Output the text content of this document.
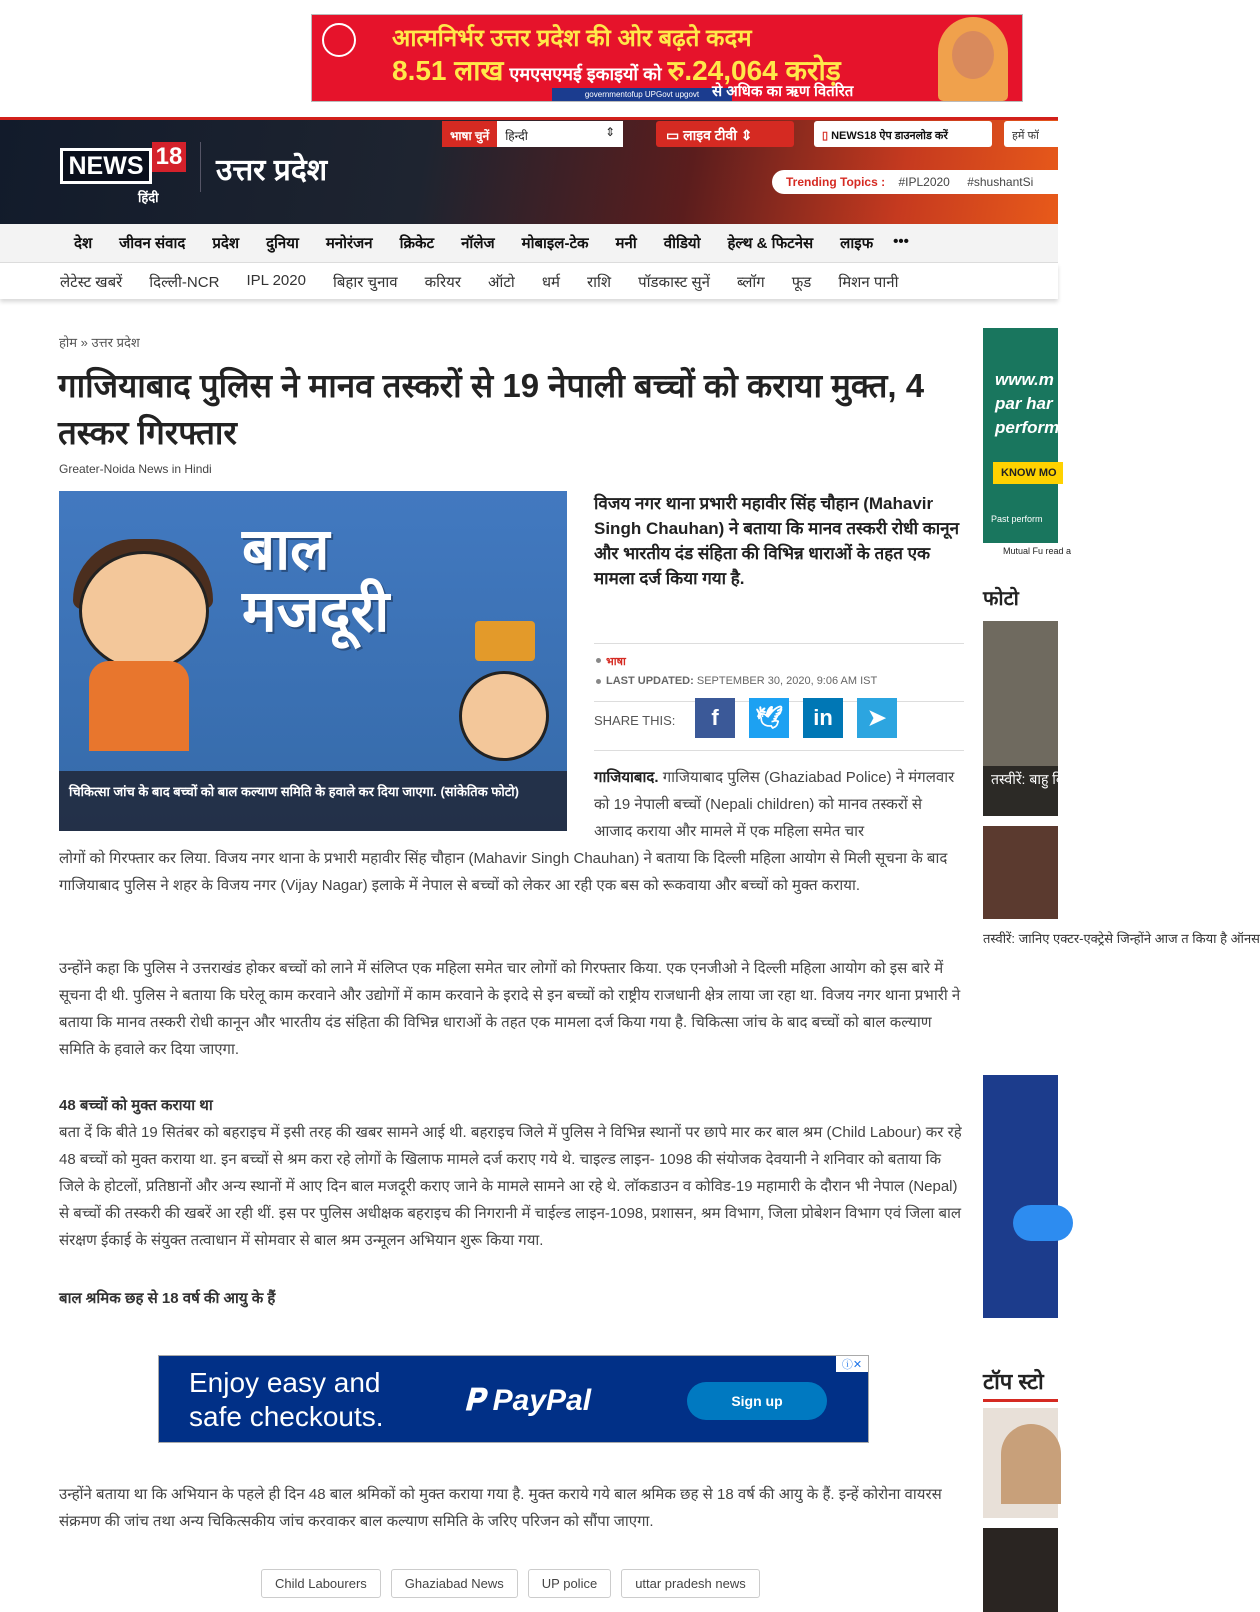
आत्मनिर्भर उत्तर प्रदेश की ओर बढ़ते कदम
8.51 लाख एमएसएमई इकाइयों को रु.24,064 करोड़
governmentofup UPGovt upgovt से अधिक का ऋण वितरित
NEWS 18
हिंदी
उत्तर प्रदेश
भाषा चुनें	हिन्दी	⇕	▭ लाइव टीवी ⇕	▯ NEWS18 ऐप डाउनलोड करें	हमें फॉ
Trending Topics : #IPL2020 #shushantSi
देश जीवन संवाद प्रदेश दुनिया मनोरंजन क्रिकेट नॉलेज मोबाइल-टेक मनी वीडियो हेल्थ & फिटनेस लाइफ •••
लेटेस्ट खबरें दिल्ली-NCR IPL 2020 बिहार चुनाव करियर ऑटो धर्म राशि पॉडकास्ट सुनें ब्लॉग फूड मिशन पानी
होम » उत्तर प्रदेश
गाजियाबाद पुलिस ने मानव तस्करों से 19 नेपाली बच्चों को कराया मुक्त, 4 तस्कर गिरफ्तार
Greater-Noida News in Hindi
बाल मजदूरी
चिकित्सा जांच के बाद बच्चों को बाल कल्याण समिति के हवाले कर दिया जाएगा. (सांकेतिक फोटो)
विजय नगर थाना प्रभारी महावीर सिंह चौहान (Mahavir Singh Chauhan) ने बताया कि मानव तस्करी रोधी कानून और भारतीय दंड संहिता की विभिन्न धाराओं के तहत एक मामला दर्ज किया गया है.
भाषा
LAST UPDATED: SEPTEMBER 30, 2020, 9:06 AM IST
SHARE THIS:	f	🕊	in	➤
गाजियाबाद. गाजियाबाद पुलिस (Ghaziabad Police) ने मंगलवार को 19 नेपाली बच्चों (Nepali children) को मानव तस्करों से आजाद कराया और मामले में एक महिला समेत चार
लोगों को गिरफ्तार कर लिया. विजय नगर थाना के प्रभारी महावीर सिंह चौहान (Mahavir Singh Chauhan) ने बताया कि दिल्ली महिला आयोग से मिली सूचना के बाद गाजियाबाद पुलिस ने शहर के विजय नगर (Vijay Nagar) इलाके में नेपाल से बच्चों को लेकर आ रही एक बस को रूकवाया और बच्चों को मुक्त कराया.
उन्होंने कहा कि पुलिस ने उत्तराखंड होकर बच्चों को लाने में संलिप्त एक महिला समेत चार लोगों को गिरफ्तार किया. एक एनजीओ ने दिल्ली महिला आयोग को इस बारे में सूचना दी थी. पुलिस ने बताया कि घरेलू काम करवाने और उद्योगों में काम करवाने के इरादे से इन बच्चों को राष्ट्रीय राजधानी क्षेत्र लाया जा रहा था. विजय नगर थाना प्रभारी ने बताया कि मानव तस्करी रोधी कानून और भारतीय दंड संहिता की विभिन्न धाराओं के तहत एक मामला दर्ज किया गया है. चिकित्सा जांच के बाद बच्चों को बाल कल्याण समिति के हवाले कर दिया जाएगा.
48 बच्चों को मुक्त कराया था
बता दें कि बीते 19 सितंबर को बहराइच में इसी तरह की खबर सामने आई थी. बहराइच जिले में पुलिस ने विभिन्न स्थानों पर छापे मार कर बाल श्रम (Child Labour) कर रहे 48 बच्चों को मुक्त कराया था. इन बच्चों से श्रम करा रहे लोगों के खिलाफ मामले दर्ज कराए गये थे. चाइल्ड लाइन- 1098 की संयोजक देवयानी ने शनिवार को बताया कि जिले के होटलों, प्रतिष्ठानों और अन्य स्थानों में आए दिन बाल मजदूरी कराए जाने के मामले सामने आ रहे थे. लॉकडाउन व कोविड-19 महामारी के दौरान भी नेपाल (Nepal) से बच्चों की तस्करी की खबरें आ रही थीं. इस पर पुलिस अधीक्षक बहराइच की निगरानी में चाईल्ड लाइन-1098, प्रशासन, श्रम विभाग, जिला प्रोबेशन विभाग एवं जिला बाल संरक्षण ईकाई के संयुक्त तत्वाधान में सोमवार से बाल श्रम उन्मूलन अभियान शुरू किया गया.
बाल श्रमिक छह से 18 वर्ष की आयु के हैं
Enjoy easy and
safe checkouts.	𝐏 PayPal	Sign up
ⓘ✕
उन्होंने बताया था कि अभियान के पहले ही दिन 48 बाल श्रमिकों को मुक्त कराया गया है. मुक्त कराये गये बाल श्रमिक छह से 18 वर्ष की आयु के हैं. इन्हें कोरोना वायरस संक्रमण की जांच तथा अन्य चिकित्सकीय जांच करवाकर बाल कल्याण समिति के जरिए परिजन को सौंपा जाएगा.
Child Labourers	Ghaziabad News	UP police	uttar pradesh news
www.m
par har
perform
KNOW MO
Past perform
Mutual Fu read a
फोटो
तस्वीरें: बाहु विजय देवर
तस्वीरें: जानिए एक्टर-एक्ट्रेसे जिन्होंने आज त किया है ऑनस
टॉप स्टो
